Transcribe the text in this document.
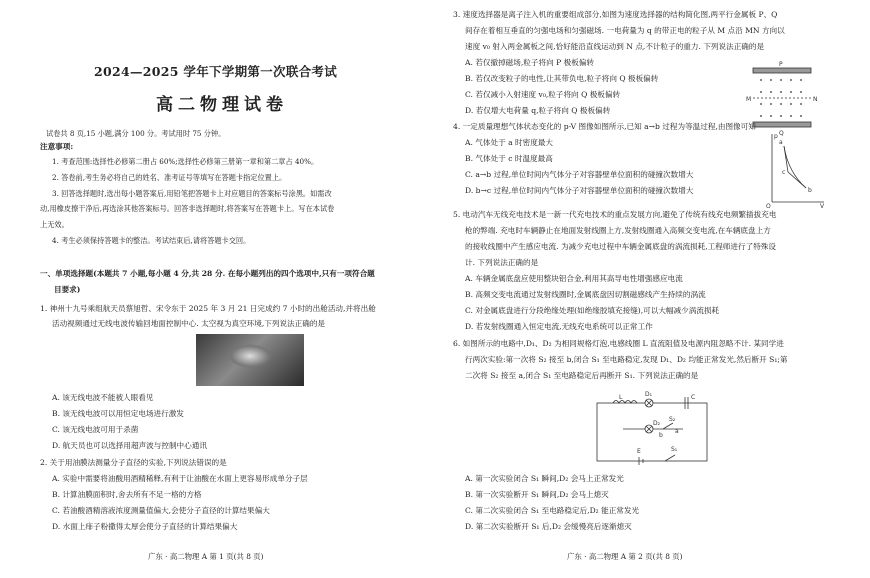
2024—2025 学年下学期第一次联合考试
高二物理试卷
试卷共 8 页,15 小题,满分 100 分。考试用时 75 分钟。
注意事项:
1. 考查范围:选择性必修第二册占 60%;选择性必修第三册第一章和第二章占 40%。
2. 答卷前,考生务必将自己的姓名、准考证号等填写在答题卡指定位置上。
3. 回答选择题时,选出每小题答案后,用铅笔把答题卡上对应题目的答案标号涂黑。如需改
动,用橡皮擦干净后,再选涂其他答案标号。回答非选择题时,将答案写在答题卡上。写在本试卷
上无效。
4. 考生必须保持答题卡的整洁。考试结束后,请将答题卡交回。
一、单项选择题(本题共 7 小题,每小题 4 分,共 28 分. 在每小题列出的四个选项中,只有一项符合题
目要求)
1. 神州十九号乘组航天员蔡旭哲、宋令东于 2025 年 3 月 21 日完成约 7 小时的出舱活动,并将出舱
活动视频通过无线电波传输回地面控制中心. 太空视为真空环境,下列说法正确的是
A. 该无线电波不能被人眼看见
B. 该无线电波可以用恒定电场进行激发
C. 该无线电波可用于杀菌
D. 航天员也可以选择用超声波与控制中心通讯
2. 关于用油膜法测量分子直径的实验,下列说法错误的是
A. 实验中需要将油酸用酒精稀释,有利于让油酸在水面上更容易形成单分子层
B. 计算油膜面积时,舍去所有不足一格的方格
C. 若油酸酒精溶液浓度测量值偏大,会使分子直径的计算结果偏大
D. 水面上痱子粉撒得太厚会使分子直径的计算结果偏大
广东 · 高二物理 A 第 1 页(共 8 页)
3. 速度选择器是离子注入机的重要组成部分,如图为速度选择器的结构简化图,两平行金属板 P、Q
间存在着相互垂直的匀强电场和匀强磁场. 一电荷量为 q 的带正电的粒子从 M 点沿 MN 方向以
速度 v₀ 射入两金属板之间,恰好能沿直线运动到 N 点,不计粒子的重力. 下列说法正确的是
A. 若仅撤掉磁场,粒子将向 P 极板偏转
B. 若仅改变粒子的电性,让其带负电,粒子将向 Q 极板偏转
C. 若仅减小入射速度 v₀,粒子将向 Q 极板偏转
D. 若仅增大电荷量 q,粒子将向 Q 极板偏转
P
Q
M	N
4. 一定质量理想气体状态变化的 p-V 图像如图所示,已知 a→b 过程为等温过程,由图像可知
A. 气体处于 a 时密度最大
B. 气体处于 c 时温度最高
C. a→b 过程,单位时间内气体分子对容器壁单位面积的碰撞次数增大
D. b→c 过程,单位时间内气体分子对容器壁单位面积的碰撞次数增大
p
V
O
a
b
c
5. 电动汽车无线充电技术是一新一代充电技术的重点发展方向,避免了传统有线充电频繁插拔充电
枪的弊端. 充电时车辆静止在地面发射线圈上方,发射线圈通入高频交变电流,在车辆底盘上方
的接收线圈中产生感应电流. 为减少充电过程中车辆金属底盘的涡流损耗,工程师进行了特殊设
计. 下列说法正确的是
A. 车辆金属底盘应使用整块铝合金,利用其高导电性增强感应电流
B. 高频交变电流通过发射线圈时,金属底盘因切割磁感线产生持续的涡流
C. 对金属底盘进行分段绝缘处理(如绝缘胶填充接缝),可以大幅减少涡流损耗
D. 若发射线圈通入恒定电流,无线充电系统可以正常工作
6. 如图所示的电路中,D₁、D₂ 为相同规格灯泡,电感线圈 L 直流阻值及电源内阻忽略不计. 某同学进
行两次实验:第一次将 S₂ 接至 b,闭合 S₁ 至电路稳定,发现 D₁、D₂ 均能正常发光,然后断开 S₁;第
二次将 S₂ 接至 a,闭合 S₁ 至电路稳定后再断开 S₁. 下列说法正确的是
L	D₁
D₂
S₂
a
b
C
E	S₁
A. 第一次实验闭合 S₁ 瞬间,D₂ 会马上正常发光
B. 第一次实验断开 S₁ 瞬间,D₂ 会马上熄灭
C. 第二次实验闭合 S₁ 至电路稳定后,D₂ 能正常发光
D. 第二次实验断开 S₁ 后,D₂ 会缓慢亮后逐渐熄灭
广东 · 高二物理 A 第 2 页(共 8 页)
